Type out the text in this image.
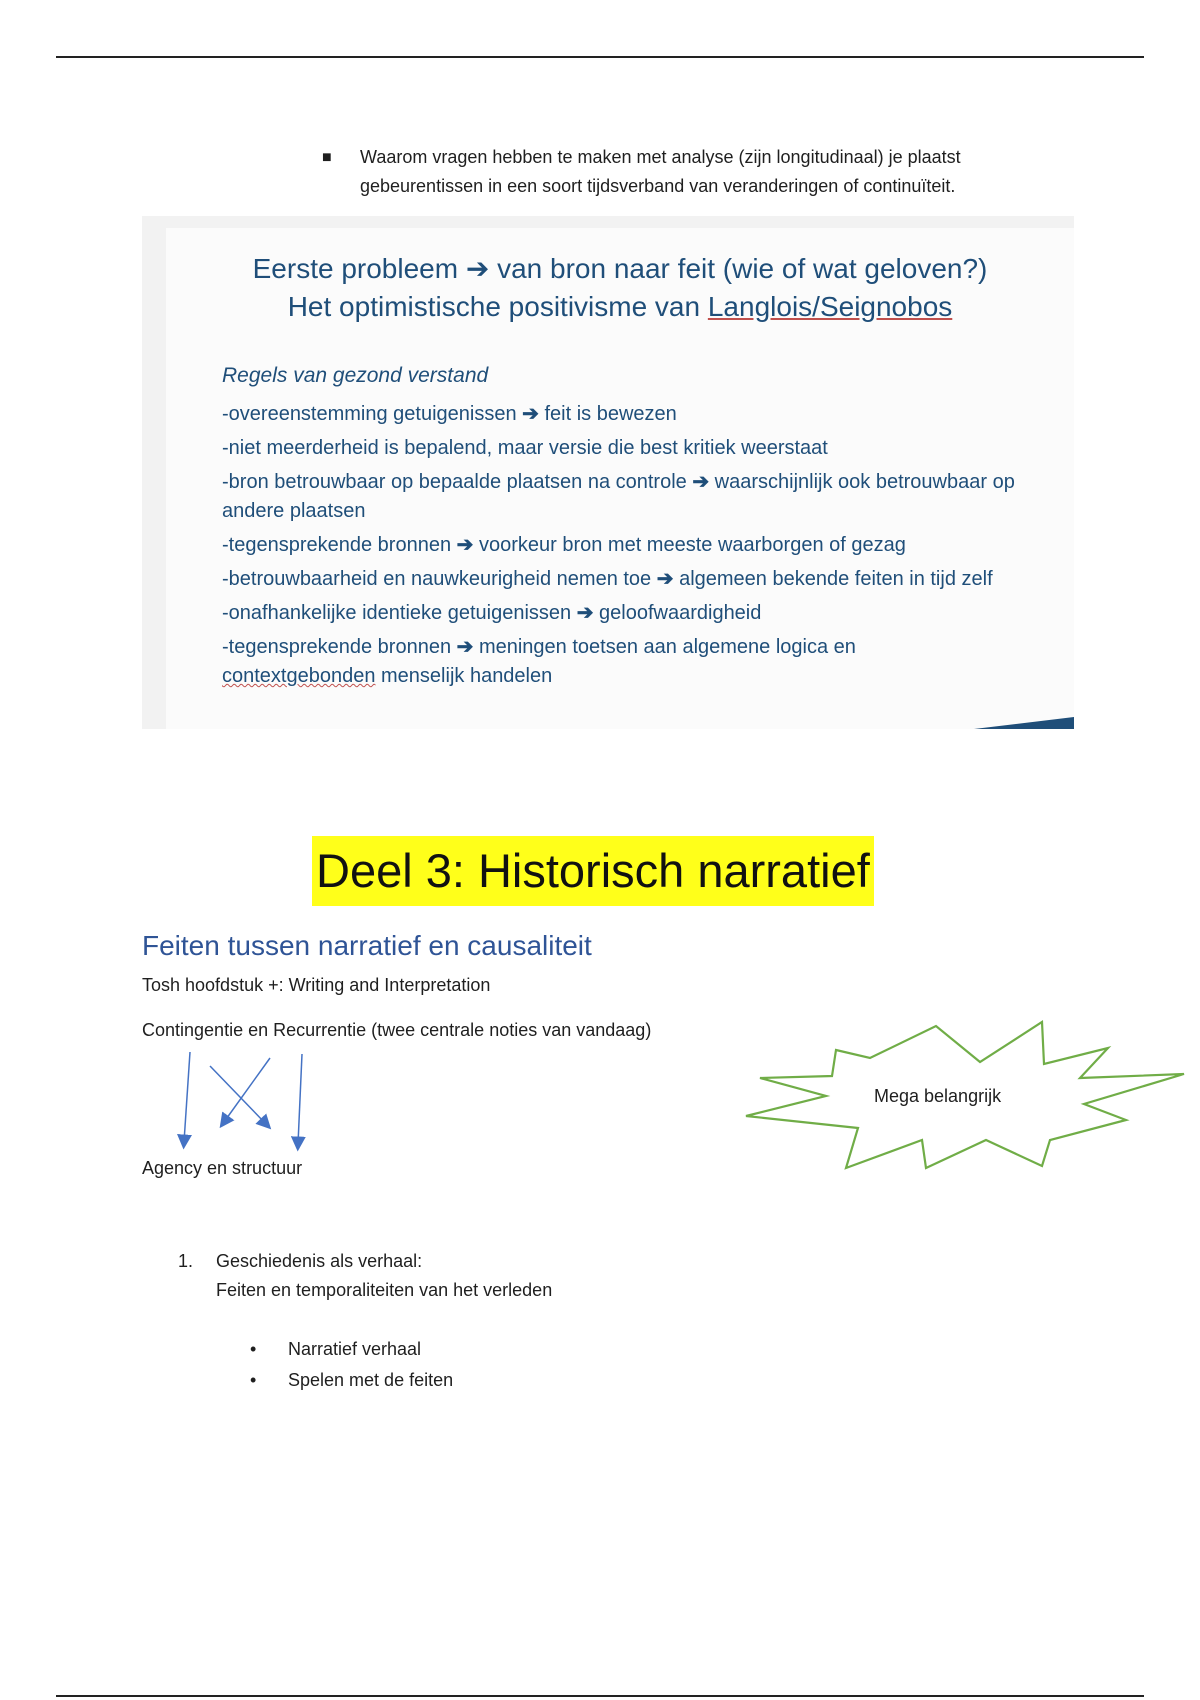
■ Waarom vragen hebben te maken met analyse (zijn longitudinaal) je plaatst gebeurentissen in een soort tijdsverband van veranderingen of continuïteit.
Eerste probleem ➔ van bron naar feit (wie of wat geloven?)
Het optimistische positivisme van Langlois/Seignobos
Regels van gezond verstand
-overeenstemming getuigenissen ➔ feit is bewezen
-niet meerderheid is bepalend, maar versie die best kritiek weerstaat
-bron betrouwbaar op bepaalde plaatsen na controle ➔ waarschijnlijk ook betrouwbaar op andere plaatsen
-tegensprekende bronnen ➔ voorkeur bron met meeste waarborgen of gezag
-betrouwbaarheid en nauwkeurigheid nemen toe ➔ algemeen bekende feiten in tijd zelf
-onafhankelijke identieke getuigenissen ➔ geloofwaardigheid
-tegensprekende bronnen ➔ meningen toetsen aan algemene logica en
contextgebonden menselijk handelen
Deel 3: Historisch narratief
Feiten tussen narratief en causaliteit
Tosh hoofdstuk +: Writing and Interpretation
Contingentie en Recurrentie (twee centrale noties van vandaag)
Agency en structuur
Mega belangrijk
1. Geschiedenis als verhaal:
Feiten en temporaliteiten van het verleden
• Narratief verhaal
• Spelen met de feiten
